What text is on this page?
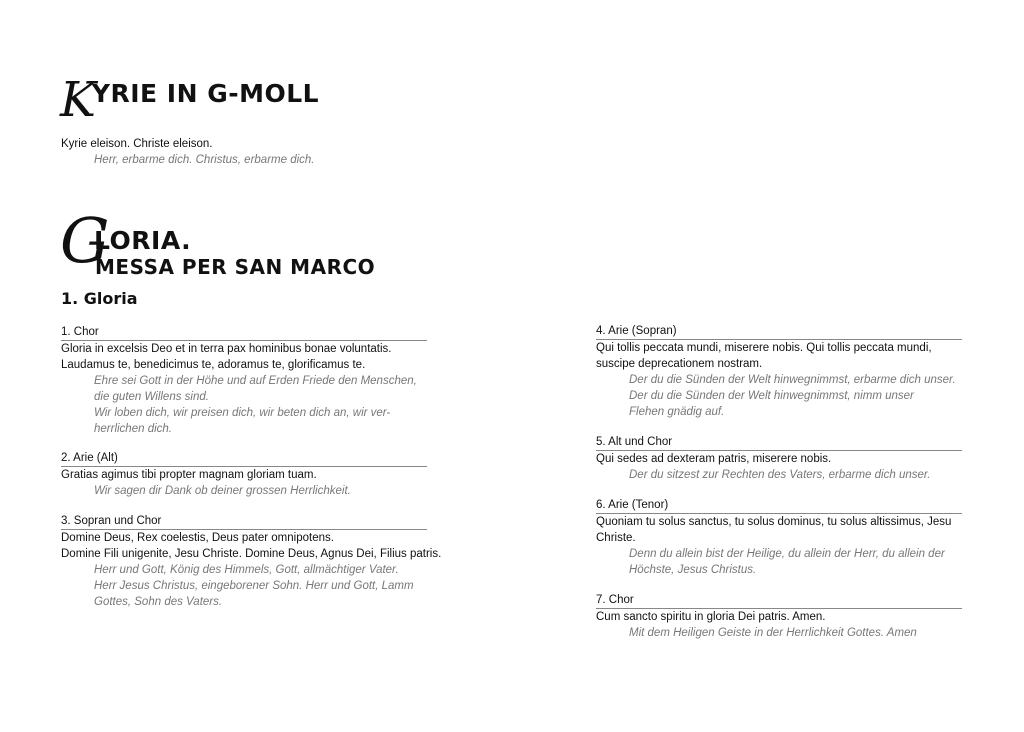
KYRIE IN G-MOLL
Kyrie eleison. Christe eleison.
Herr, erbarme dich. Christus, erbarme dich.
G
LORIA.
MESSA PER SAN MARCO
1. Gloria
1. Chor
Gloria in excelsis Deo et in terra pax hominibus bonae voluntatis.
Laudamus te, benedicimus te, adoramus te, glorificamus te.
Ehre sei Gott in der Höhe und auf Erden Friede den Menschen,
die guten Willens sind.
Wir loben dich, wir preisen dich, wir beten dich an, wir ver-
herrlichen dich.
2. Arie (Alt)
Gratias agimus tibi propter magnam gloriam tuam.
Wir sagen dir Dank ob deiner grossen Herrlichkeit.
3. Sopran und Chor
Domine Deus, Rex coelestis, Deus pater omnipotens.
Domine Fili unigenite, Jesu Christe. Domine Deus, Agnus Dei, Filius patris.
Herr und Gott, König des Himmels, Gott, allmächtiger Vater.
Herr Jesus Christus, eingeborener Sohn. Herr und Gott, Lamm
Gottes, Sohn des Vaters.
4. Arie (Sopran)
Qui tollis peccata mundi, miserere nobis. Qui tollis peccata mundi,
suscipe deprecationem nostram.
Der du die Sünden der Welt hinwegnimmst, erbarme dich unser.
Der du die Sünden der Welt hinwegnimmst, nimm unser
Flehen gnädig auf.
5. Alt und Chor
Qui sedes ad dexteram patris, miserere nobis.
Der du sitzest zur Rechten des Vaters, erbarme dich unser.
6. Arie (Tenor)
Quoniam tu solus sanctus, tu solus dominus, tu solus altissimus, Jesu
Christe.
Denn du allein bist der Heilige, du allein der Herr, du allein der
Höchste, Jesus Christus.
7. Chor
Cum sancto spiritu in gloria Dei patris. Amen.
Mit dem Heiligen Geiste in der Herrlichkeit Gottes. Amen
